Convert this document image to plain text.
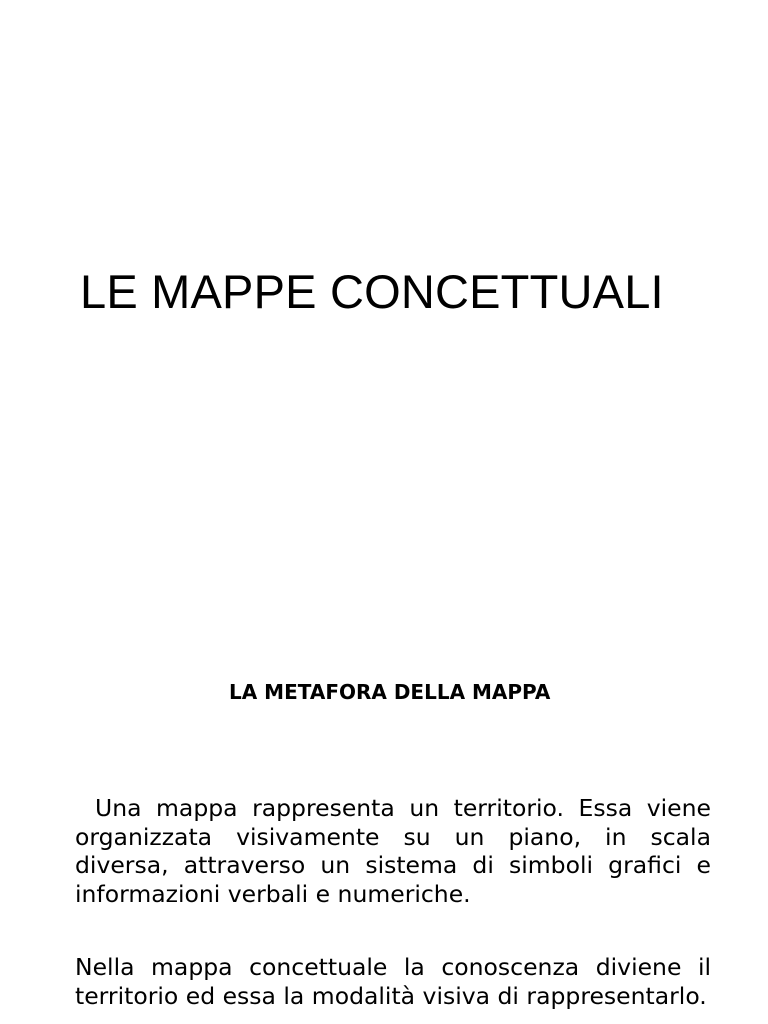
LE MAPPE CONCETTUALI
LA METAFORA DELLA MAPPA

Una mappa rappresenta un territorio. Essa viene organizzata visivamente su un piano, in scala diversa, attraverso un sistema di simboli grafici e informazioni verbali e numeriche.

Nella mappa concettuale la conoscenza diviene il territorio ed essa la modalità visiva di rappresentarlo.
